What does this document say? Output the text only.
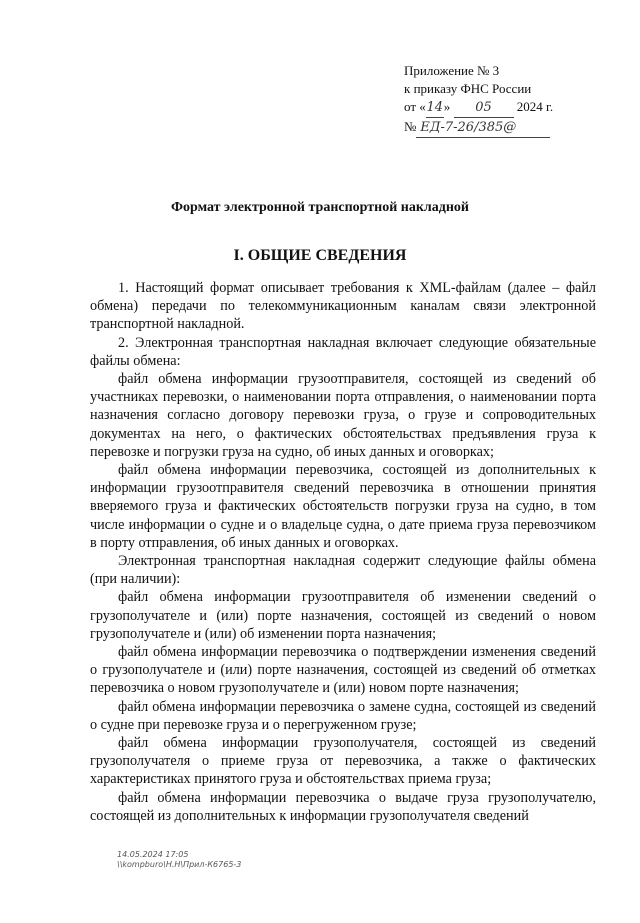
Приложение № 3
к приказу ФНС России
от «14» 05 2024 г.
№ ЕД-7-26/385@
Формат электронной транспортной накладной
I. ОБЩИЕ СВЕДЕНИЯ

1. Настоящий формат описывает требования к XML-файлам (далее – файл обмена) передачи по телекоммуникационным каналам связи электронной транспортной накладной.

2. Электронная транспортная накладная включает следующие обязательные файлы обмена:

файл обмена информации грузоотправителя, состоящей из сведений об участниках перевозки, о наименовании порта отправления, о наименовании порта назначения согласно договору перевозки груза, о грузе и сопроводительных документах на него, о фактических обстоятельствах предъявления груза к перевозке и погрузки груза на судно, об иных данных и оговорках;

файл обмена информации перевозчика, состоящей из дополнительных к информации грузоотправителя сведений перевозчика в отношении принятия вверяемого груза и фактических обстоятельств погрузки груза на судно, в том числе информации о судне и о владельце судна, о дате приема груза перевозчиком в порту отправления, об иных данных и оговорках.

Электронная транспортная накладная содержит следующие файлы обмена (при наличии):

файл обмена информации грузоотправителя об изменении сведений о грузополучателе и (или) порте назначения, состоящей из сведений о новом грузополучателе и (или) об изменении порта назначения;

файл обмена информации перевозчика о подтверждении изменения сведений о грузополучателе и (или) порте назначения, состоящей из сведений об отметках перевозчика о новом грузополучателе и (или) новом порте назначения;

файл обмена информации перевозчика о замене судна, состоящей из сведений о судне при перевозке груза и о перегруженном грузе;

файл обмена информации грузополучателя, состоящей из сведений грузополучателя о приеме груза от перевозчика, а также о фактических характеристиках принятого груза и обстоятельствах приема груза;

файл обмена информации перевозчика о выдаче груза грузополучателю, состоящей из дополнительных к информации грузополучателя сведений

14.05.2024 17:05
\\kompburo\Н.Н\Прил-К6765-3
